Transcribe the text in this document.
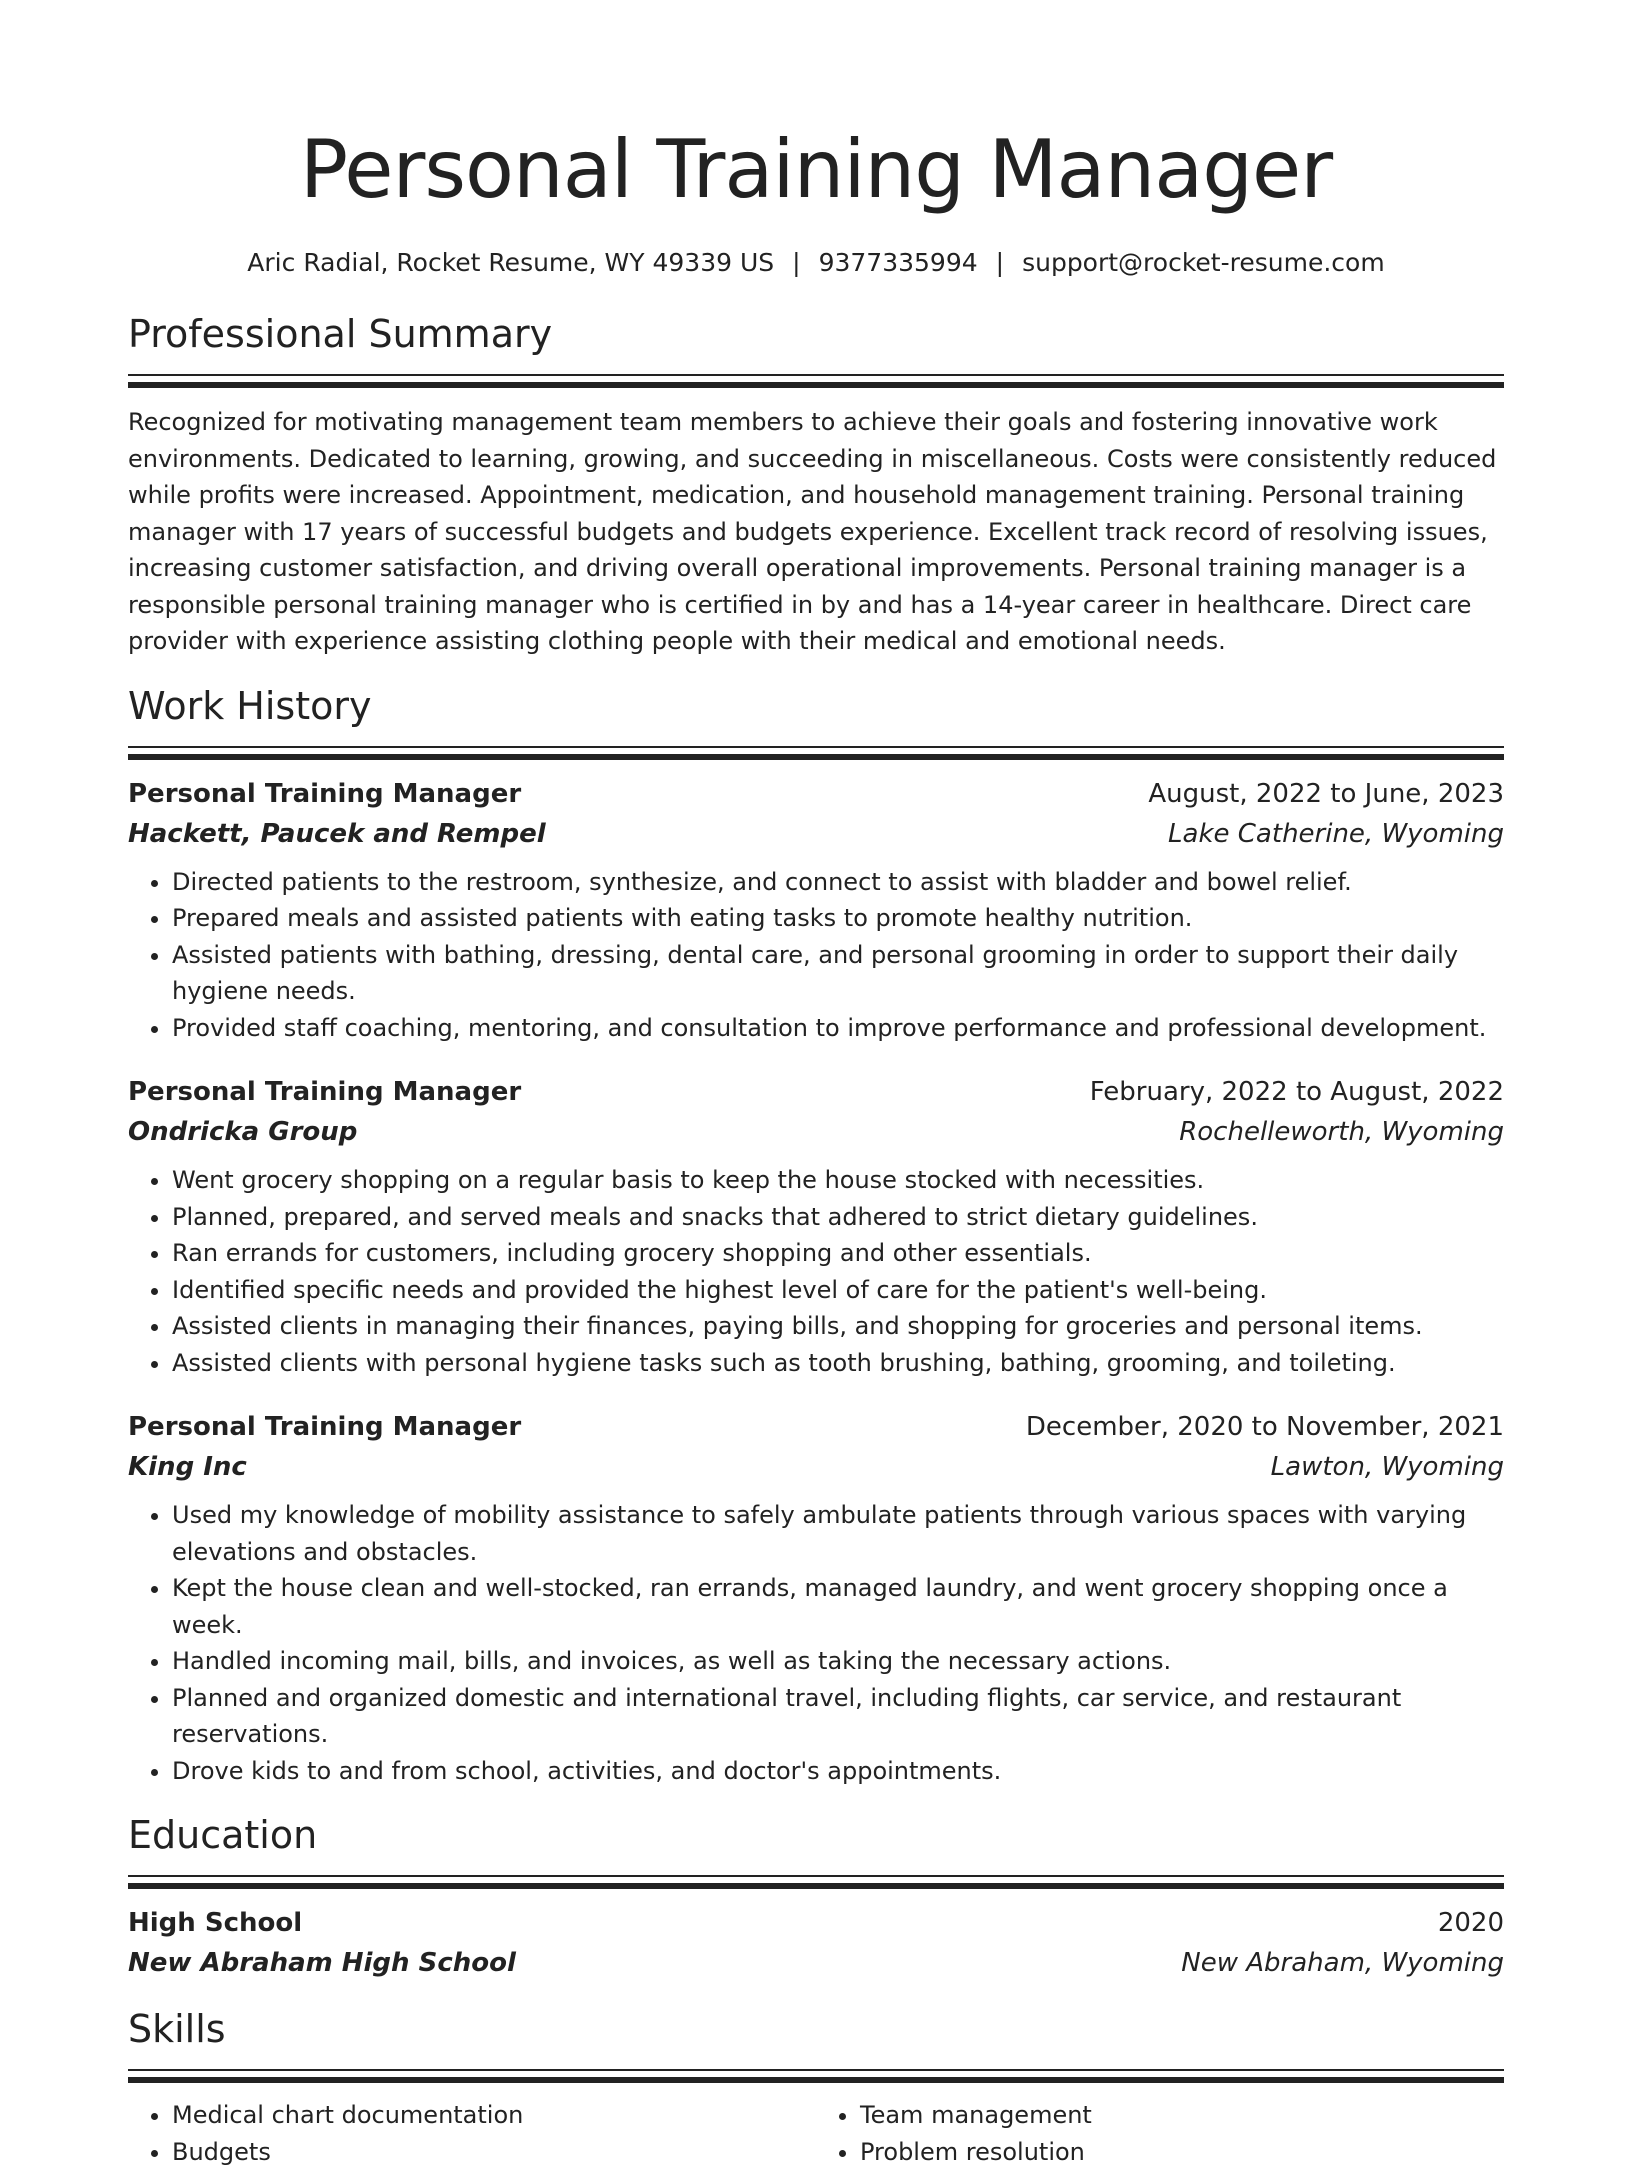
Personal Training Manager
Aric Radial, Rocket Resume, WY 49339 US | 9377335994 | support@rocket-resume.com
Professional Summary

Recognized for motivating management team members to achieve their goals and fostering innovative work environments. Dedicated to learning, growing, and succeeding in miscellaneous. Costs were consistently reduced while profits were increased. Appointment, medication, and household management training. Personal training manager with 17 years of successful budgets and budgets experience. Excellent track record of resolving issues, increasing customer satisfaction, and driving overall operational improvements. Personal training manager is a responsible personal training manager who is certified in by and has a 14-year career in healthcare. Direct care provider with experience assisting clothing people with their medical and emotional needs.

Work History
Personal Training Manager	August, 2022 to June, 2023
Hackett, Paucek and Rempel	Lake Catherine, Wyoming
• Directed patients to the restroom, synthesize, and connect to assist with bladder and bowel relief.
• Prepared meals and assisted patients with eating tasks to promote healthy nutrition.
• Assisted patients with bathing, dressing, dental care, and personal grooming in order to support their daily hygiene needs.
• Provided staff coaching, mentoring, and consultation to improve performance and professional development.
Personal Training Manager	February, 2022 to August, 2022
Ondricka Group	Rochelleworth, Wyoming
• Went grocery shopping on a regular basis to keep the house stocked with necessities.
• Planned, prepared, and served meals and snacks that adhered to strict dietary guidelines.
• Ran errands for customers, including grocery shopping and other essentials.
• Identified specific needs and provided the highest level of care for the patient's well-being.
• Assisted clients in managing their finances, paying bills, and shopping for groceries and personal items.
• Assisted clients with personal hygiene tasks such as tooth brushing, bathing, grooming, and toileting.
Personal Training Manager	December, 2020 to November, 2021
King Inc	Lawton, Wyoming
• Used my knowledge of mobility assistance to safely ambulate patients through various spaces with varying elevations and obstacles.
• Kept the house clean and well-stocked, ran errands, managed laundry, and went grocery shopping once a week.
• Handled incoming mail, bills, and invoices, as well as taking the necessary actions.
• Planned and organized domestic and international travel, including flights, car service, and restaurant reservations.
• Drove kids to and from school, activities, and doctor's appointments.
Education
High School	2020
New Abraham High School	New Abraham, Wyoming
Skills
• Medical chart documentation
• Budgets
• Team management
• Problem resolution
